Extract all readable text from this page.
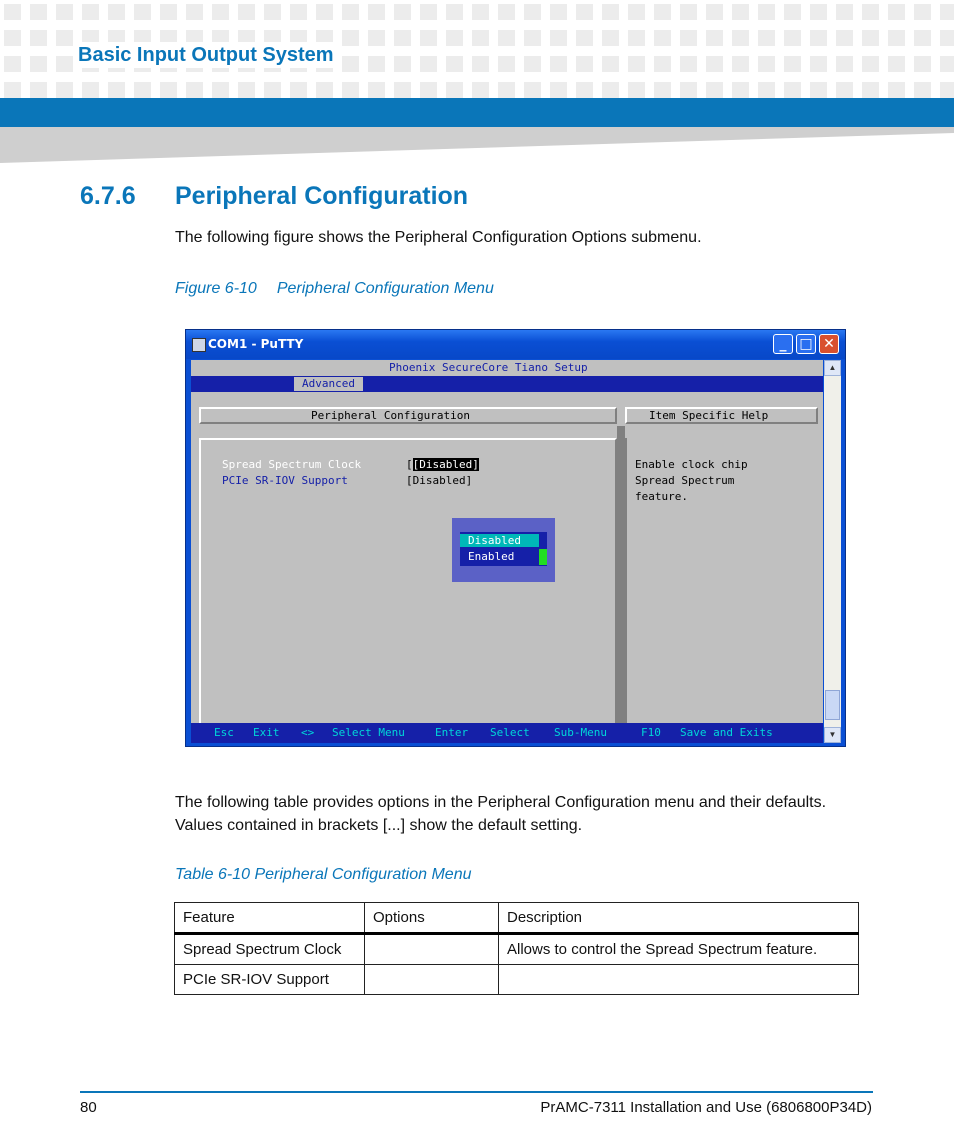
Basic Input Output System
6.7.6 Peripheral Configuration
The following figure shows the Peripheral Configuration Options submenu.
Figure 6-10 Peripheral Configuration Menu
COM1 - PuTTY	_ □ ✕

Phoenix SecureCore Tiano Setup

Advanced
Peripheral Configuration	Item Specific Help
Spread Spectrum Clock	[[Disabled]
PCIe SR-IOV Support	[Disabled]
Enable clock chip
Spread Spectrum
feature.
Disabled
Enabled
Esc Exit <> Select Menu	Enter Select Sub-Menu	F10 Save and Exits
▲
▼
The following table provides options in the Peripheral Configuration menu and their defaults.
Values contained in brackets [...] show the default setting.
Table 6-10 Peripheral Configuration Menu
Feature	Options	Description
Spread Spectrum Clock		Allows to control the Spread Spectrum feature.
PCIe SR-IOV Support		
80	PrAMC-7311 Installation and Use (6806800P34D)
